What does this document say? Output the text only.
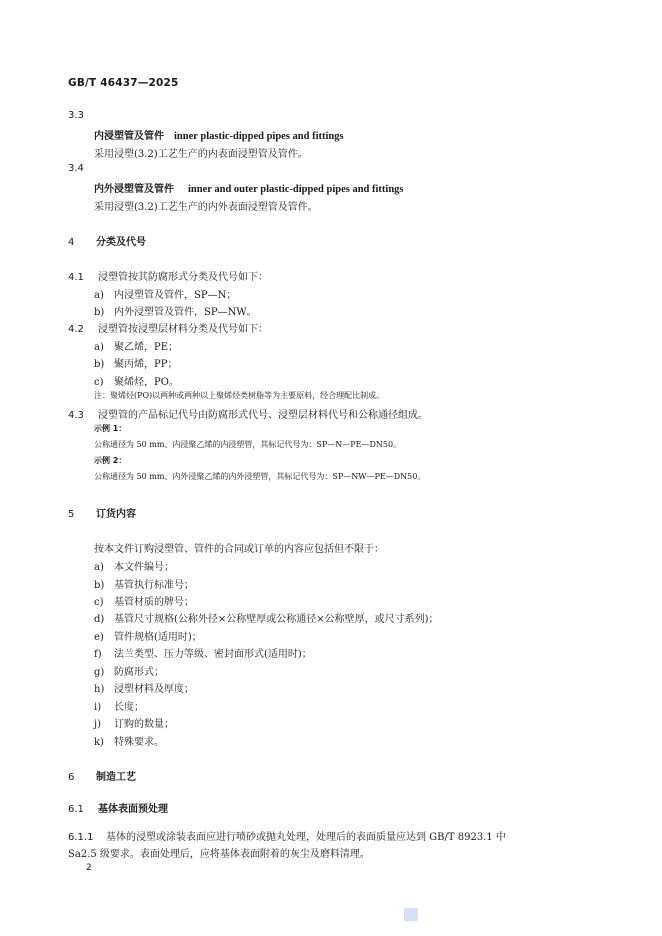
GB/T 46437—2025
3.3
内浸塑管及管件 inner plastic-dipped pipes and fittings
采用浸塑(3.2)工艺生产的内表面浸塑管及管件。
3.4
内外浸塑管及管件 inner and outer plastic-dipped pipes and fittings
采用浸塑(3.2)工艺生产的内外表面浸塑管及管件。
4 分类及代号
4.1 浸塑管按其防腐形式分类及代号如下：
a) 内浸塑管及管件，SP—N；
b) 内外浸塑管及管件，SP—NW。
4.2 浸塑管按浸塑层材料分类及代号如下：
a) 聚乙烯，PE；
b) 聚丙烯，PP；
c) 聚烯烃，PO。
注：聚烯烃(PO)以两种或两种以上聚烯烃类树脂等为主要原料，经合理配比制成。
4.3 浸塑管的产品标记代号由防腐形式代号、浸塑层材料代号和公称通径组成。
示例 1：
公称通径为 50 mm、内浸聚乙烯的内浸塑管，其标记代号为：SP—N—PE—DN50。
示例 2：
公称通径为 50 mm、内外浸聚乙烯的内外浸塑管，其标记代号为：SP—NW—PE—DN50。
5 订货内容
按本文件订购浸塑管、管件的合同或订单的内容应包括但不限于：
a) 本文件编号；
b) 基管执行标准号；
c) 基管材质的牌号；
d) 基管尺寸规格(公称外径×公称壁厚或公称通径×公称壁厚，或尺寸系列)；
e) 管件规格(适用时)；
f) 法兰类型、压力等级、密封面形式(适用时)；
g) 防腐形式；
h) 浸塑材料及厚度；
i) 长度；
j) 订购的数量；
k) 特殊要求。
6 制造工艺
6.1 基体表面预处理
6.1.1 基体的浸塑或涂装表面应进行喷砂或抛丸处理，处理后的表面质量应达到 GB/T 8923.1 中
Sa2.5 级要求。表面处理后，应将基体表面附着的灰尘及磨料清理。
2
